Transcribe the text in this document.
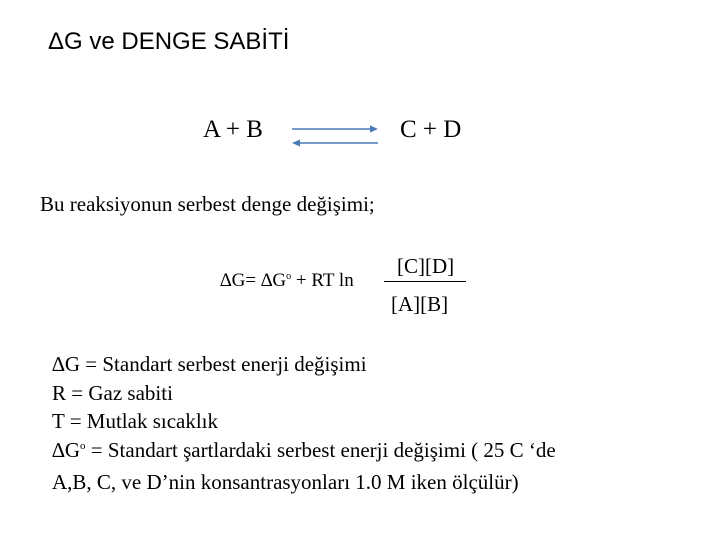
ΔG ve DENGE SABİTİ
A + B	C + D
Bu reaksiyonun serbest denge değişimi;
$\Delta G= \Delta G^o$ + RT ln
[C][D]
[A][B]
∆G = Standart serbest enerji değişimi
R = Gaz sabiti
T = Mutlak sıcaklık
$\Delta G^o$ = Standart şartlardaki serbest enerji değişimi ( 25 C ‘de
A,B, C, ve D’nin konsantrasyonları 1.0 M iken ölçülür)
